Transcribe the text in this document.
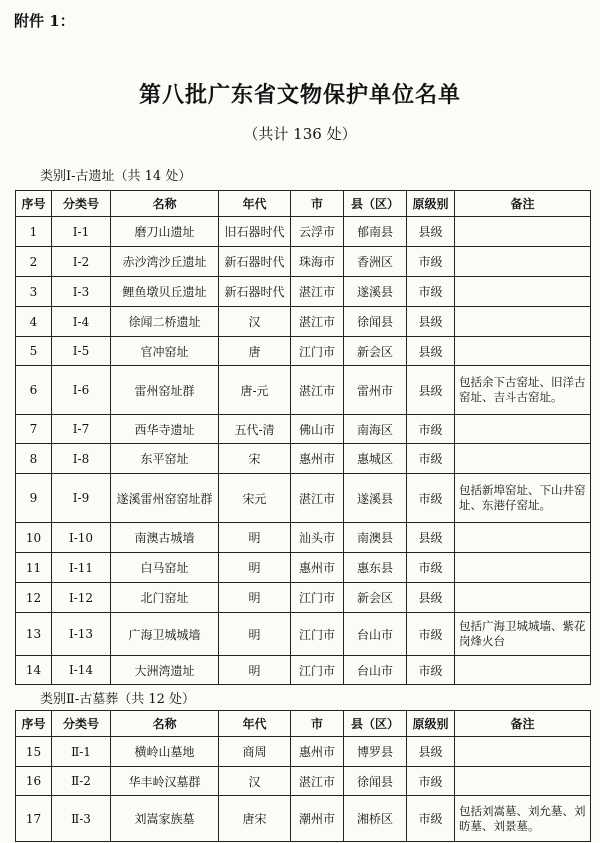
附件 1：
第八批广东省文物保护单位名单
（共计 136 处）
类别Ⅰ-古遗址（共 14 处）
序号	分类号	名称	年代	市	县（区）	原级别	备注
1	Ⅰ-1	磨刀山遗址	旧石器时代	云浮市	郁南县	县级	
2	Ⅰ-2	赤沙湾沙丘遗址	新石器时代	珠海市	香洲区	市级	
3	Ⅰ-3	鲤鱼墩贝丘遗址	新石器时代	湛江市	遂溪县	市级	
4	Ⅰ-4	徐闻二桥遗址	汉	湛江市	徐闻县	县级	
5	Ⅰ-5	官冲窑址	唐	江门市	新会区	县级	
6	Ⅰ-6	雷州窑址群	唐-元	湛江市	雷州市	县级	包括余下古窑址、旧洋古窑址、吉斗古窑址。
7	Ⅰ-7	西华寺遗址	五代-清	佛山市	南海区	市级	
8	Ⅰ-8	东平窑址	宋	惠州市	惠城区	市级	
9	Ⅰ-9	遂溪雷州窑窑址群	宋元	湛江市	遂溪县	市级	包括新埠窑址、下山井窑址、东港仔窑址。
10	Ⅰ-10	南澳古城墙	明	汕头市	南澳县	县级	
11	Ⅰ-11	白马窑址	明	惠州市	惠东县	市级	
12	Ⅰ-12	北门窑址	明	江门市	新会区	县级	
13	Ⅰ-13	广海卫城城墙	明	江门市	台山市	市级	包括广海卫城城墙、紫花岗烽火台
14	Ⅰ-14	大洲湾遗址	明	江门市	台山市	市级	
类别Ⅱ-古墓葬（共 12 处）
序号	分类号	名称	年代	市	县（区）	原级别	备注
15	Ⅱ-1	横岭山墓地	商周	惠州市	博罗县	县级	
16	Ⅱ-2	华丰岭汉墓群	汉	湛江市	徐闻县	市级	
17	Ⅱ-3	刘嵩家族墓	唐宋	潮州市	湘桥区	市级	包括刘嵩墓、刘允墓、刘昉墓、刘景墓。
